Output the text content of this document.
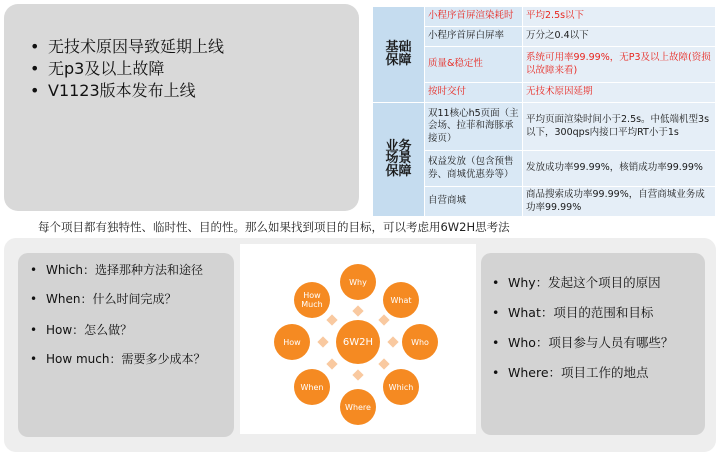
• 无技术原因导致延期上线
• 无p3及以上故障
• V1123版本发布上线
基础
保障	小程序首屏渲染耗时	平均2.5s以下
	小程序首屏白屏率	万分之0.4以下
	质量&稳定性	系统可用率99.99%，无P3及以上故障(资损以故障来看)
	按时交付	无技术原因延期
业务
场景
保障	双11核心h5页面（主会场、拉菲和海豚承接页）	平均页面渲染时间小于2.5s。中低端机型3s以下，300qps内接口平均RT小于1s
	权益发放（包含预售券、商城优惠券等）	发放成功率99.99%，核销成功率99.99%
	自营商城	商品搜索成功率99.99%，自营商城业务成功率99.99%
每个项目都有独特性、临时性、目的性。那么如果找到项目的目标，可以考虑用6W2H思考法
• Which：选择那种方法和途径
• When：什么时间完成？
• How：怎么做？
• How much：需要多少成本？
6W2H
Why
What
Who
Which
Where
When
How
How Much
• Why：发起这个项目的原因
• What：项目的范围和目标
• Who：项目参与人员有哪些？
• Where：项目工作的地点
